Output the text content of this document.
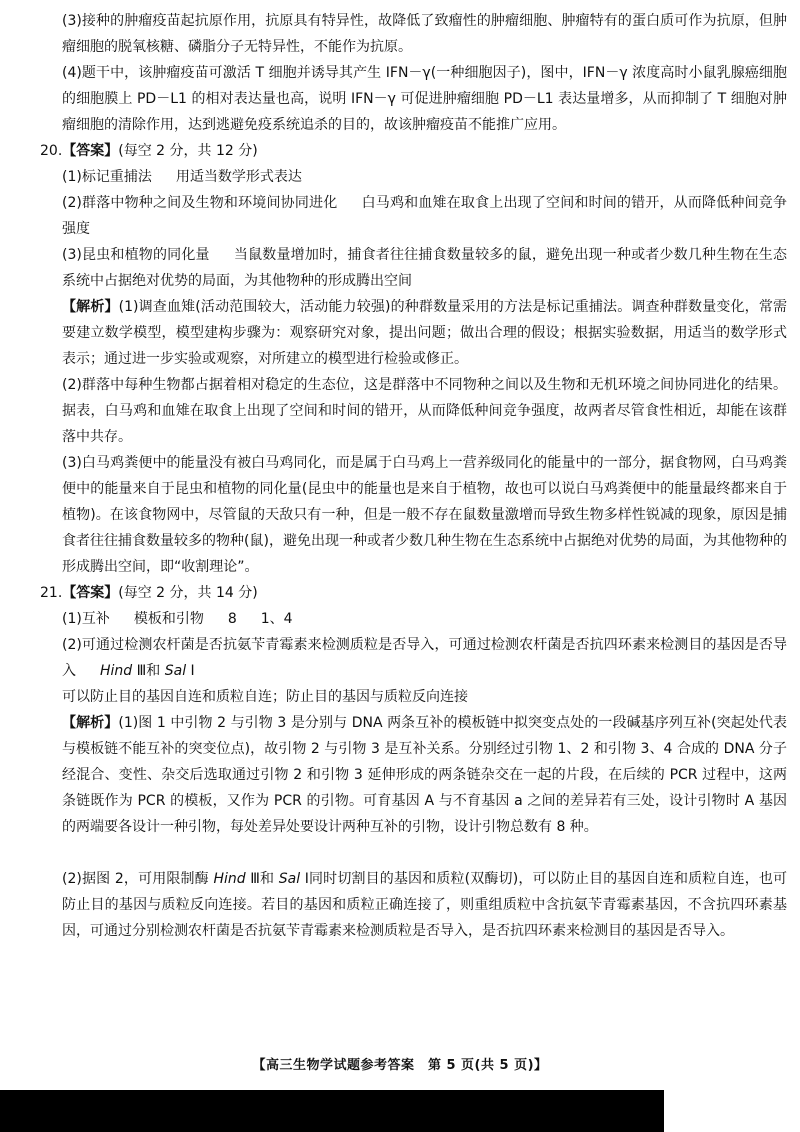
(3)接种的肿瘤疫苗起抗原作用，抗原具有特异性，故降低了致瘤性的肿瘤细胞、肿瘤特有的蛋白质可作为抗原，但肿瘤细胞的脱氧核糖、磷脂分子无特异性，不能作为抗原。

(4)题干中，该肿瘤疫苗可激活 T 细胞并诱导其产生 IFN－γ(一种细胞因子)，图中，IFN－γ 浓度高时小鼠乳腺癌细胞的细胞膜上 PD－L1 的相对表达量也高，说明 IFN－γ 可促进肿瘤细胞 PD－L1 表达量增多，从而抑制了 T 细胞对肿瘤细胞的清除作用，达到逃避免疫系统追杀的目的，故该肿瘤疫苗不能推广应用。

20.【答案】(每空 2 分，共 12 分)

(1)标记重捕法 用适当数学形式表达

(2)群落中物种之间及生物和环境间协同进化 白马鸡和血雉在取食上出现了空间和时间的错开，从而降低种间竞争强度

(3)昆虫和植物的同化量 当鼠数量增加时，捕食者往往捕食数量较多的鼠，避免出现一种或者少数几种生物在生态系统中占据绝对优势的局面，为其他物种的形成腾出空间

【解析】(1)调查血雉(活动范围较大，活动能力较强)的种群数量采用的方法是标记重捕法。调查种群数量变化，常需要建立数学模型，模型建构步骤为：观察研究对象，提出问题；做出合理的假设；根据实验数据，用适当的数学形式表示；通过进一步实验或观察，对所建立的模型进行检验或修正。

(2)群落中每种生物都占据着相对稳定的生态位，这是群落中不同物种之间以及生物和无机环境之间协同进化的结果。据表，白马鸡和血雉在取食上出现了空间和时间的错开，从而降低种间竞争强度，故两者尽管食性相近，却能在该群落中共存。

(3)白马鸡粪便中的能量没有被白马鸡同化，而是属于白马鸡上一营养级同化的能量中的一部分，据食物网，白马鸡粪便中的能量来自于昆虫和植物的同化量(昆虫中的能量也是来自于植物，故也可以说白马鸡粪便中的能量最终都来自于植物)。在该食物网中，尽管鼠的天敌只有一种，但是一般不存在鼠数量激增而导致生物多样性锐减的现象，原因是捕食者往往捕食数量较多的物种(鼠)，避免出现一种或者少数几种生物在生态系统中占据绝对优势的局面，为其他物种的形成腾出空间，即“收割理论”。

21.【答案】(每空 2 分，共 14 分)

(1)互补 模板和引物 8 1、4

(2)可通过检测农杆菌是否抗氨苄青霉素来检测质粒是否导入，可通过检测农杆菌是否抗四环素来检测目的基因是否导入 Hind Ⅲ和 Sal Ⅰ

可以防止目的基因自连和质粒自连；防止目的基因与质粒反向连接

【解析】(1)图 1 中引物 2 与引物 3 是分别与 DNA 两条互补的模板链中拟突变点处的一段碱基序列互补(突起处代表与模板链不能互补的突变位点)，故引物 2 与引物 3 是互补关系。分别经过引物 1、2 和引物 3、4 合成的 DNA 分子经混合、变性、杂交后选取通过引物 2 和引物 3 延伸形成的两条链杂交在一起的片段，在后续的 PCR 过程中，这两条链既作为 PCR 的模板，又作为 PCR 的引物。可育基因 A 与不育基因 a 之间的差异若有三处，设计引物时 A 基因的两端要各设计一种引物，每处差异处要设计两种互补的引物，设计引物总数有 8 种。

(2)据图 2，可用限制酶 Hind Ⅲ和 Sal Ⅰ同时切割目的基因和质粒(双酶切)，可以防止目的基因自连和质粒自连，也可防止目的基因与质粒反向连接。若目的基因和质粒正确连接了，则重组质粒中含抗氨苄青霉素基因，不含抗四环素基因，可通过分别检测农杆菌是否抗氨苄青霉素来检测质粒是否导入，是否抗四环素来检测目的基因是否导入。

【高三生物学试题参考答案　第 5 页(共 5 页)】
